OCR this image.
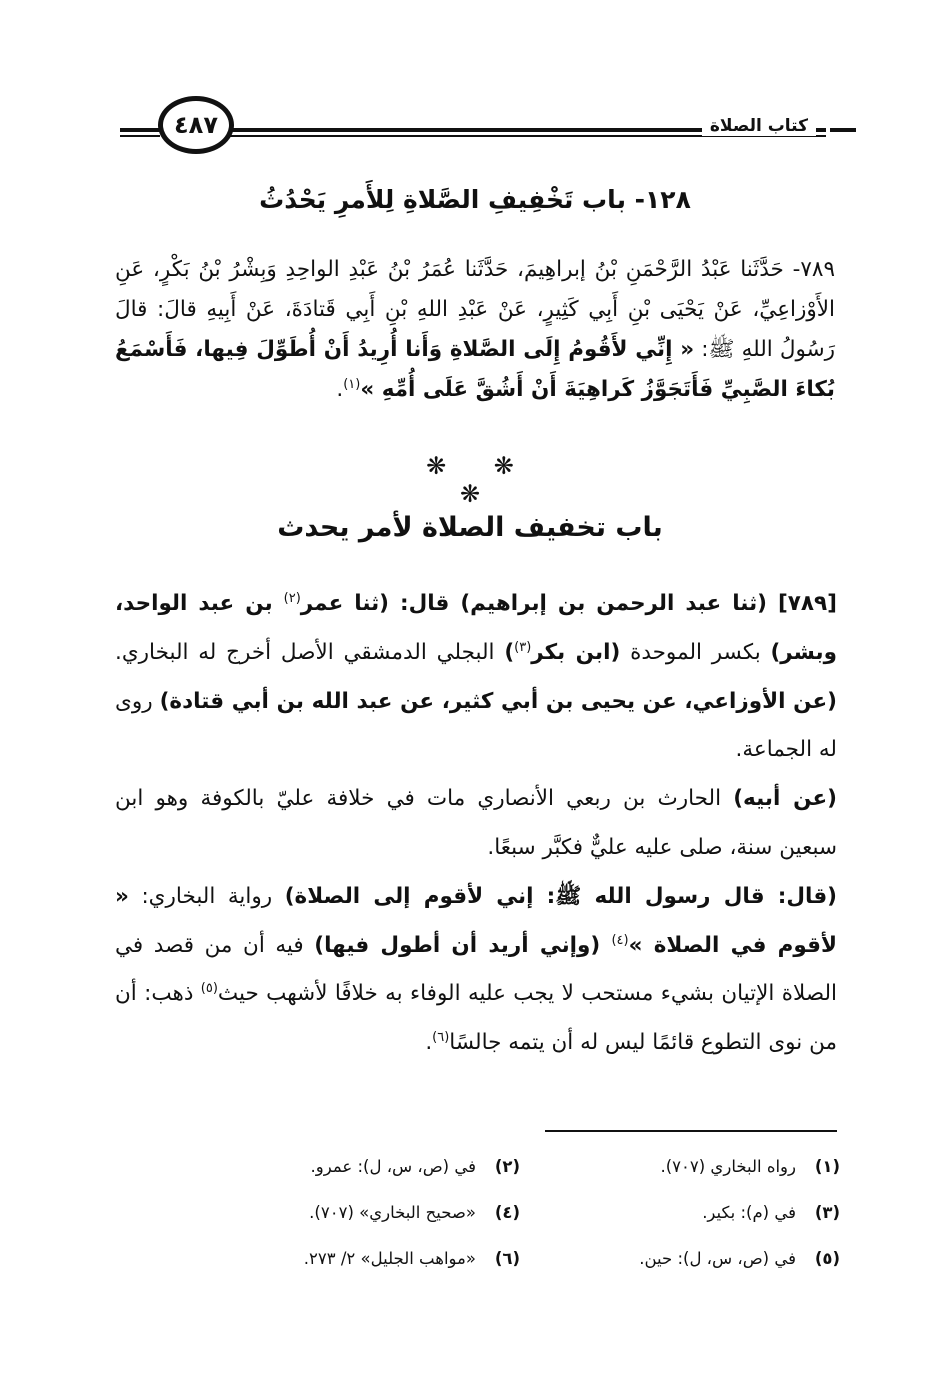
٤٨٧	كتاب الصلاة
١٢٨- باب تَخْفِيفِ الصَّلاةِ لِلأَمرِ يَحْدُثُ

٧٨٩- حَدَّثَنا عَبْدُ الرَّحْمَنِ بْنُ إبراهِيمَ، حَدَّثَنا عُمَرُ بْنُ عَبْدِ الواحِدِ وَبِشْرُ بْنُ بَكْرٍ، عَنِ الأَوْزاعِيِّ، عَنْ يَحْيَى بْنِ أَبِي كَثِيرٍ، عَنْ عَبْدِ اللهِ بْنِ أَبِي قَتادَةَ، عَنْ أَبِيهِ قالَ: قالَ رَسُولُ اللهِ ﷺ: « إِنِّي لأَقُومُ إِلَى الصَّلاةِ وَأَنا أُرِيدُ أَنْ أُطَوِّلَ فِيها، فَأَسْمَعُ بُكاءَ الصَّبِيِّ فَأَتَجَوَّزُ كَراهِيَةَ أَنْ أَشُقَّ عَلَى أُمِّهِ »$^{(١)}$.

❋ ❋ ❋
باب تخفيف الصلاة لأمر يحدث

[٧٨٩] (ثنا عبد الرحمن بن إبراهيم) قال: (ثنا عمر$^{(٢)}$ بن عبد الواحد، وبشر) بكسر الموحدة (ابن بكر$^{(٣)}$) البجلي الدمشقي الأصل أخرج له البخاري. (عن الأوزاعي، عن يحيى بن أبي كثير، عن عبد الله بن أبي قتادة) روى له الجماعة.

(عن أبيه) الحارث بن ربعي الأنصاري مات في خلافة عليّ بالكوفة وهو ابن سبعين سنة، صلى عليه عليٌّ فكبَّر سبعًا.

(قال: قال رسول الله ﷺ: إني لأقوم إلى الصلاة) رواية البخاري: « لأقوم في الصلاة »$^{(٤)}$ (وإني أريد أن أطول فيها) فيه أن من قصد في الصلاة الإتيان بشيء مستحب لا يجب عليه الوفاء به خلافًا لأشهب حيث$^{(٥)}$ ذهب: أن من نوى التطوع قائمًا ليس له أن يتمه جالسًا$^{(٦)}$.

(١)رواه البخاري (٧٠٧).
(٢)في (ص، س، ل): عمرو.
(٣)في (م): بكير.
(٤)«صحيح البخاري» (٧٠٧).
(٥)في (ص، س، ل): حين.
(٦)«مواهب الجليل» ٢/ ٢٧٣.
